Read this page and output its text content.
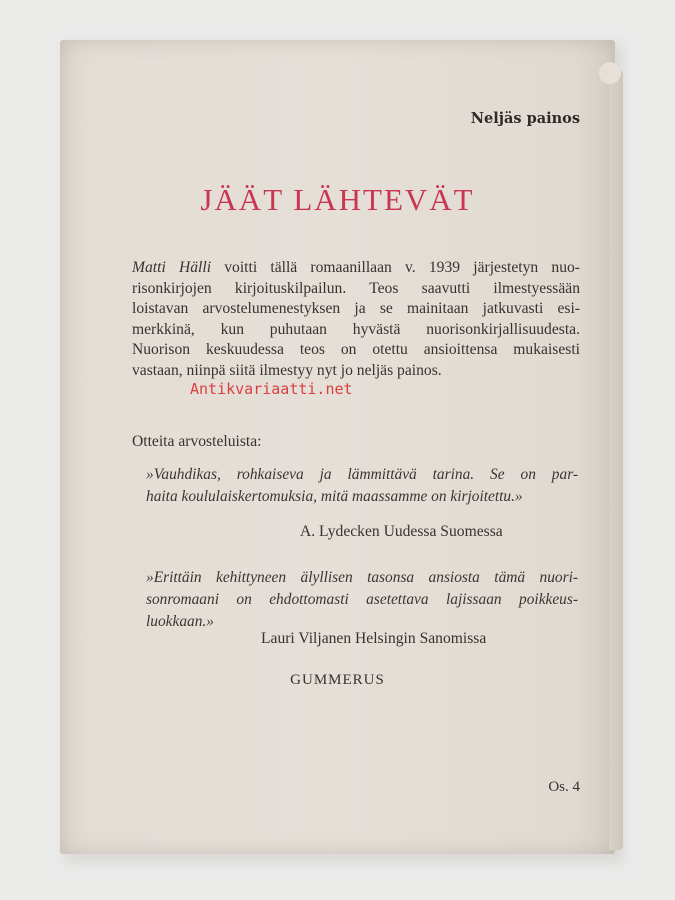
Neljäs painos
JÄÄT LÄHTEVÄT
Matti Hälli voitti tällä romaanillaan v. 1939 järjestetyn nuo-
risonkirjojen kirjoituskilpailun. Teos saavutti ilmestyessään
loistavan arvostelumenestyksen ja se mainitaan jatkuvasti esi-
merkkinä, kun puhutaan hyvästä nuorisonkirjallisuudesta.
Nuorison keskuudessa teos on otettu ansioittensa mukaisesti
vastaan, niinpä siitä ilmestyy nyt jo neljäs painos.
Otteita arvosteluista:
»Vauhdikas, rohkaiseva ja lämmittävä tarina. Se on par-
haita koululaiskertomuksia, mitä maassamme on kirjoitettu.»
A. Lydecken Uudessa Suomessa
»Erittäin kehittyneen älyllisen tasonsa ansiosta tämä nuori-
sonromaani on ehdottomasti asetettava lajissaan poikkeus-
luokkaan.»
Lauri Viljanen Helsingin Sanomissa
GUMMERUS
Os. 4
Antikvariaatti.net
